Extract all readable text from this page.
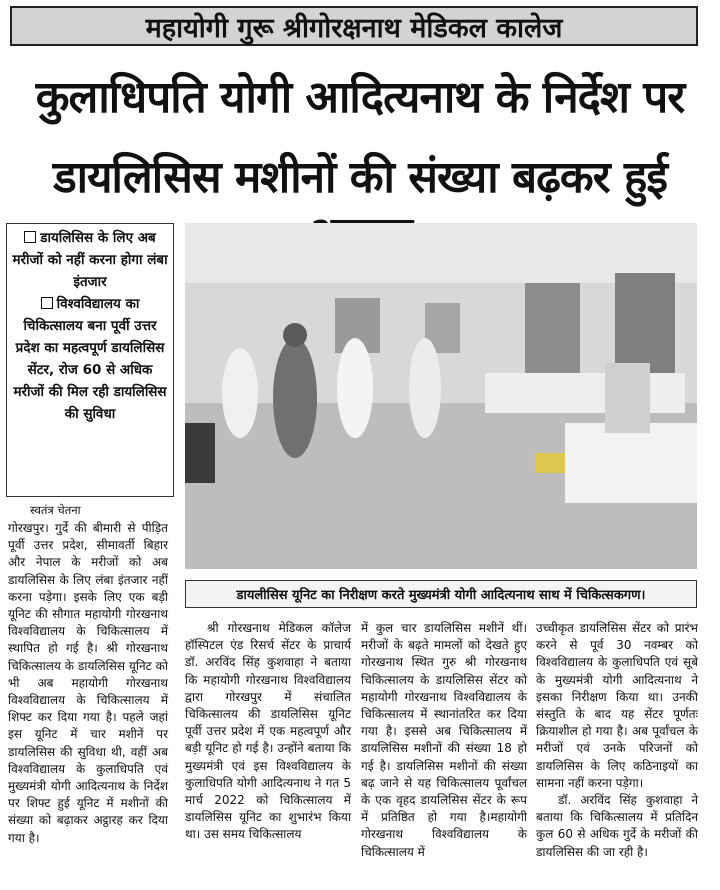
महायोगी गुरू श्रीगोरक्षनाथ मेडिकल कालेज
कुलाधिपति योगी आदित्यनाथ के निर्देश पर
डायलिसिस मशीनों की संख्या बढ़कर हुई
डायलिसिस के लिए अब मरीजों को नहीं करना होगा लंबा इंतजार
विश्वविद्यालय का चिकित्सालय बना पूर्वी उत्तर प्रदेश का महत्वपूर्ण डायलिसिस सेंटर, रोज 60 से अधिक मरीजों की मिल रही डायलिसिस की सुविधा
डायलीसिस यूनिट का निरीक्षण करते मुख्यमंत्री योगी आदित्यनाथ साथ में चिकित्सकगण।
स्वतंत्र चेतना

गोरखपुर। गुर्दे की बीमारी से पीड़ित पूर्वी उत्तर प्रदेश, सीमावर्ती बिहार और नेपाल के मरीजों को अब डायलिसिस के लिए लंबा इंतजार नहीं करना पड़ेगा। इसके लिए एक बड़ी यूनिट की सौगात महायोगी गोरखनाथ विश्वविद्यालय के चिकित्सालय में स्थापित हो गई है। श्री गोरखनाथ चिकित्सालय के डायलिसिस यूनिट को भी अब महायोगी गोरखनाथ विश्वविद्यालय के चिकित्सालय में शिफ्ट कर दिया गया है। पहले जहां इस यूनिट में चार मशीनें पर डायलिसिस की सुविधा थी, वहीं अब विश्वविद्यालय के कुलाधिपति एवं मुख्यमंत्री योगी आदित्यनाथ के निर्देश पर शिफ्ट हुई यूनिट में मशीनों की संख्या को बढ़ाकर अट्ठारह कर दिया गया है।

श्री गोरखनाथ मेडिकल कॉलेज हॉस्पिटल एंड रिसर्च सेंटर के प्राचार्य डॉ. अरविंद सिंह कुशवाहा ने बताया कि महायोगी गोरखनाथ विश्वविद्यालय द्वारा गोरखपुर में संचालित चिकित्सालय की डायलिसिस यूनिट पूर्वी उत्तर प्रदेश में एक महत्वपूर्ण और बड़ी यूनिट हो गई है। उन्होंने बताया कि मुख्यमंत्री एवं इस विश्वविद्यालय के कुलाधिपति योगी आदित्यनाथ ने गत 5 मार्च 2022 को चिकित्सालय में डायलिसिस यूनिट का शुभारंभ किया था। उस समय चिकित्सालय

में कुल चार डायलिसिस मशीनें थीं। मरीजों के बढ़ते मामलों को देखते हुए गोरखनाथ स्थित गुरु श्री गोरखनाथ चिकित्सालय के डायलिसिस सेंटर को महायोगी गोरखनाथ विश्वविद्यालय के चिकित्सालय में स्थानांतरित कर दिया गया है। इससे अब चिकित्सालय में डायलिसिस मशीनों की संख्या 18 हो गई है। डायलिसिस मशीनों की संख्या बढ़ जाने से यह चिकित्सालय पूर्वांचल के एक वृहद डायलिसिस सेंटर के रूप में प्रतिष्ठित हो गया है।महायोगी गोरखनाथ विश्वविद्यालय के चिकित्सालय में

उच्चीकृत डायलिसिस सेंटर को प्रारंभ करने से पूर्व 30 नवम्बर को विश्वविद्यालय के कुलाधिपति एवं सूबे के मुख्यमंत्री योगी आदित्यनाथ ने इसका निरीक्षण किया था। उनकी संस्तुति के बाद यह सेंटर पूर्णतः क्रियाशील हो गया है। अब पूर्वांचल के मरीजों एवं उनके परिजनों को डायलिसिस के लिए कठिनाइयों का सामना नहीं करना पड़ेगा।

डॉ. अरविंद सिंह कुशवाहा ने बताया कि चिकित्सालय में प्रतिदिन कुल 60 से अधिक गुर्दे के मरीजों की डायलिसिस की जा रही है।
